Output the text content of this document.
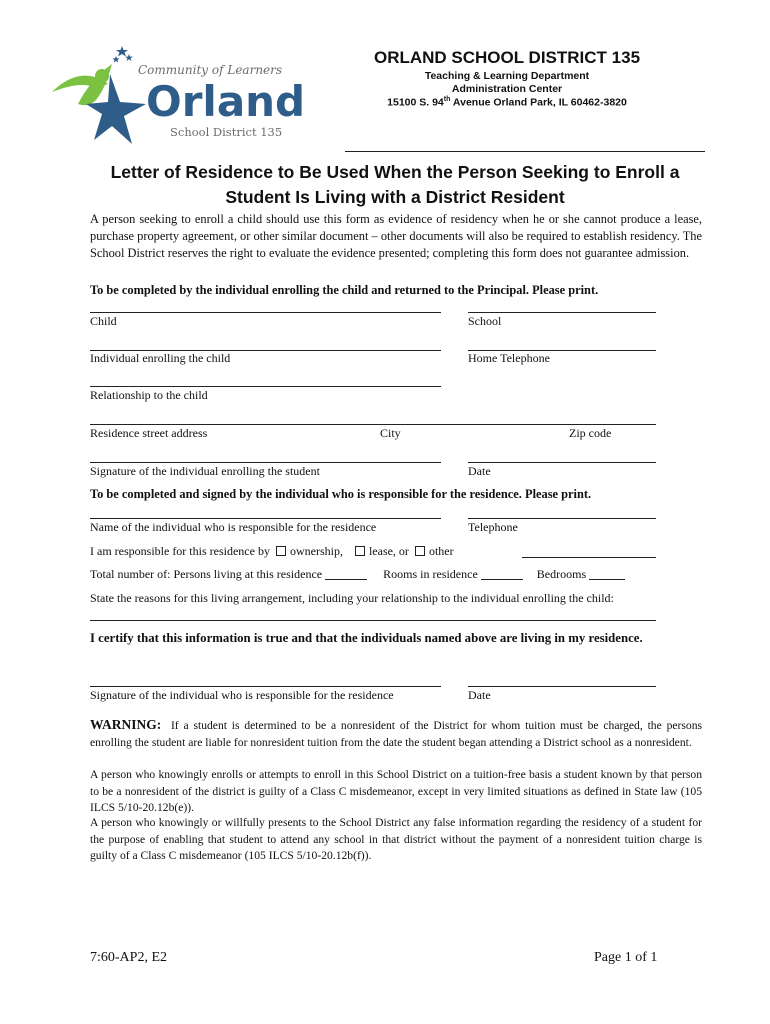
Community of Learners
Orland
School District 135
ORLAND SCHOOL DISTRICT 135
Teaching & Learning Department
Administration Center
15100 S. 94th Avenue Orland Park, IL 60462-3820
Letter of Residence to Be Used When the Person Seeking to Enroll a
Student Is Living with a District Resident
A person seeking to enroll a child should use this form as evidence of residency when he or she cannot produce a lease, purchase property agreement, or other similar document – other documents will also be required to establish residency. The School District reserves the right to evaluate the evidence presented; completing this form does not guarantee admission.
To be completed by the individual enrolling the child and returned to the Principal. Please print.
Child	School
Individual enrolling the child	Home Telephone
Relationship to the child
Residence street address	City	Zip code
Signature of the individual enrolling the student	Date
To be completed and signed by the individual who is responsible for the residence. Please print.
Name of the individual who is responsible for the residence	Telephone
I am responsible for this residence by ownership, lease, or other
Total number of: Persons living at this residence	Rooms in residence	Bedrooms
State the reasons for this living arrangement, including your relationship to the individual enrolling the child:
I certify that this information is true and that the individuals named above are living in my residence.
Signature of the individual who is responsible for the residence	Date
WARNING: If a student is determined to be a nonresident of the District for whom tuition must be charged, the persons enrolling the student are liable for nonresident tuition from the date the student began attending a District school as a nonresident.
A person who knowingly enrolls or attempts to enroll in this School District on a tuition-free basis a student known by that person to be a nonresident of the district is guilty of a Class C misdemeanor, except in very limited situations as defined in State law (105 ILCS 5/10-20.12b(e)).
A person who knowingly or willfully presents to the School District any false information regarding the residency of a student for the purpose of enabling that student to attend any school in that district without the payment of a nonresident tuition charge is guilty of a Class C misdemeanor (105 ILCS 5/10-20.12b(f)).
7:60-AP2, E2	Page 1 of 1
